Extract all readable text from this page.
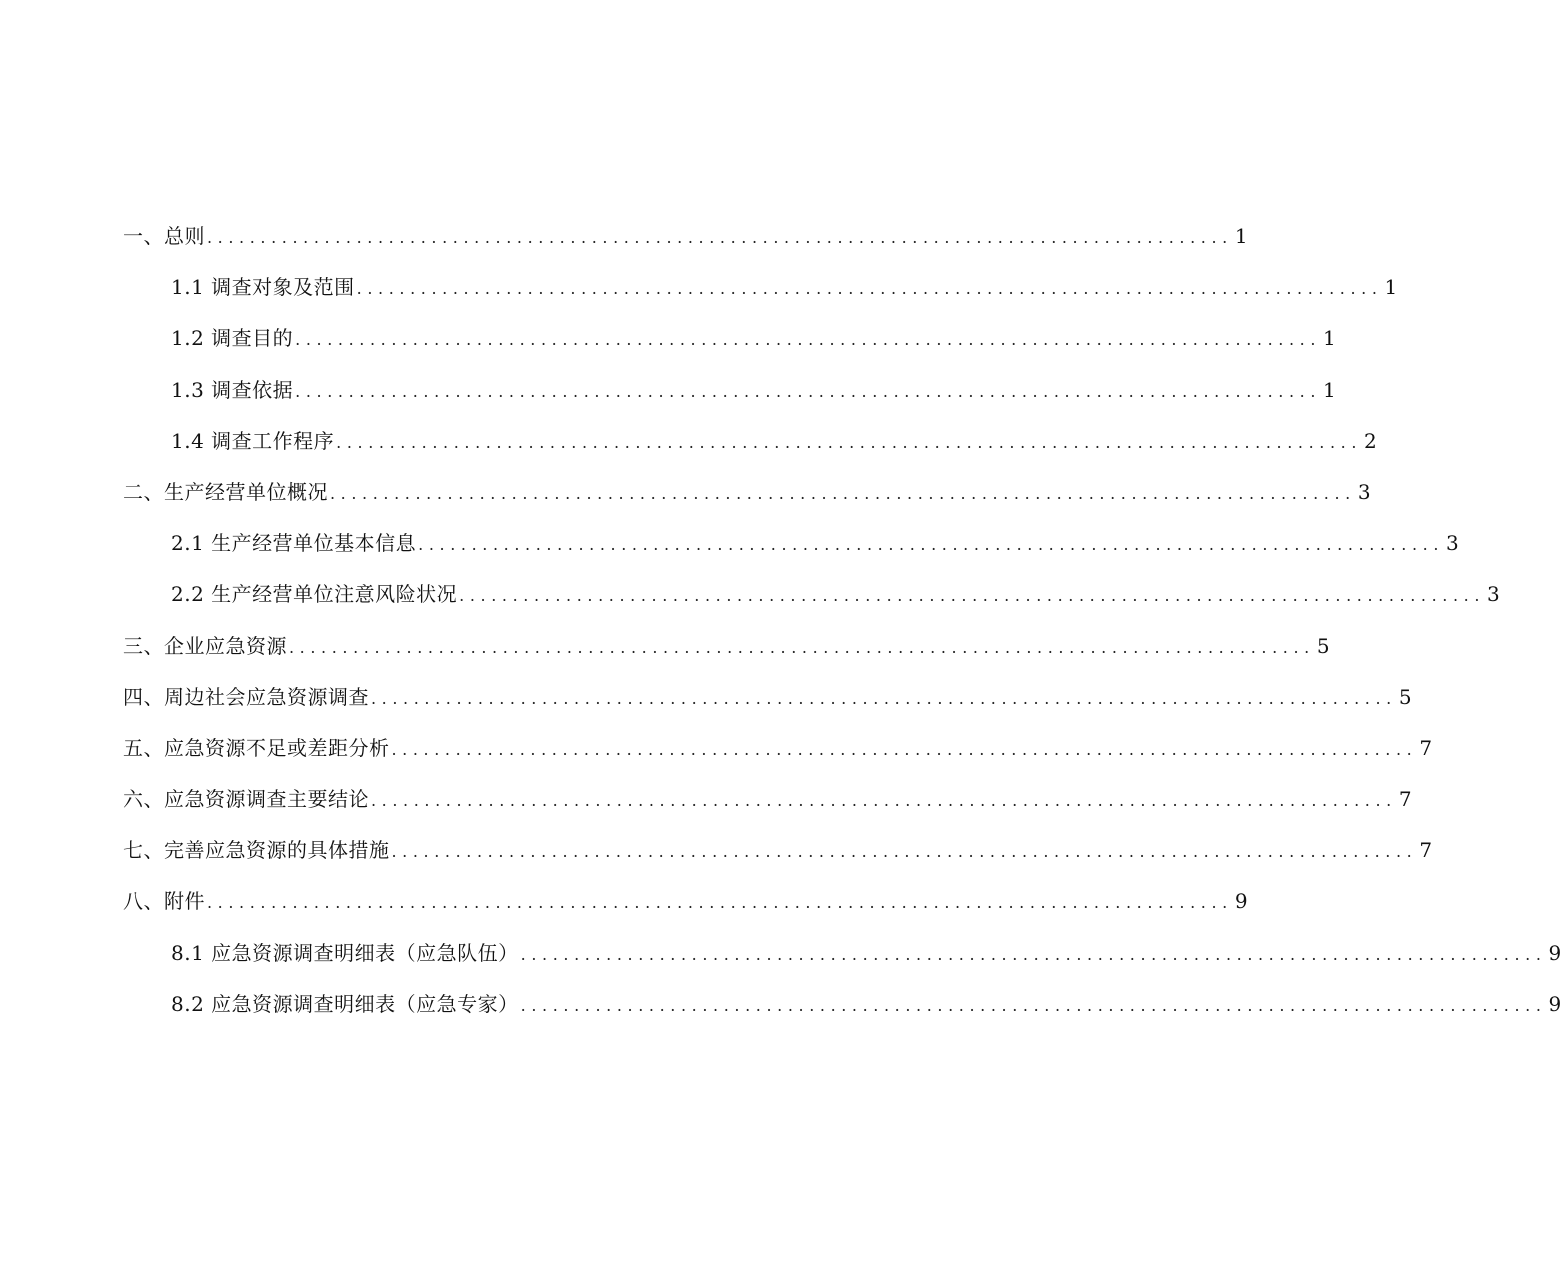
一、总则 ................................................................................................ 1
1.1 调查对象及范围 ................................................................................................ 1
1.2 调查目的 ................................................................................................ 1
1.3 调查依据 ................................................................................................ 1
1.4 调查工作程序 ................................................................................................ 2
二、生产经营单位概况 ................................................................................................ 3
2.1 生产经营单位基本信息 ................................................................................................ 3
2.2 生产经营单位注意风险状况 ................................................................................................ 3
三、企业应急资源 ................................................................................................ 5
四、周边社会应急资源调查 ................................................................................................ 5
五、应急资源不足或差距分析 ................................................................................................ 7
六、应急资源调查主要结论 ................................................................................................ 7
七、完善应急资源的具体措施 ................................................................................................ 7
八、附件 ................................................................................................ 9
8.1 应急资源调查明细表（应急队伍） ................................................................................................ 9
8.2 应急资源调查明细表（应急专家） ................................................................................................ 9
